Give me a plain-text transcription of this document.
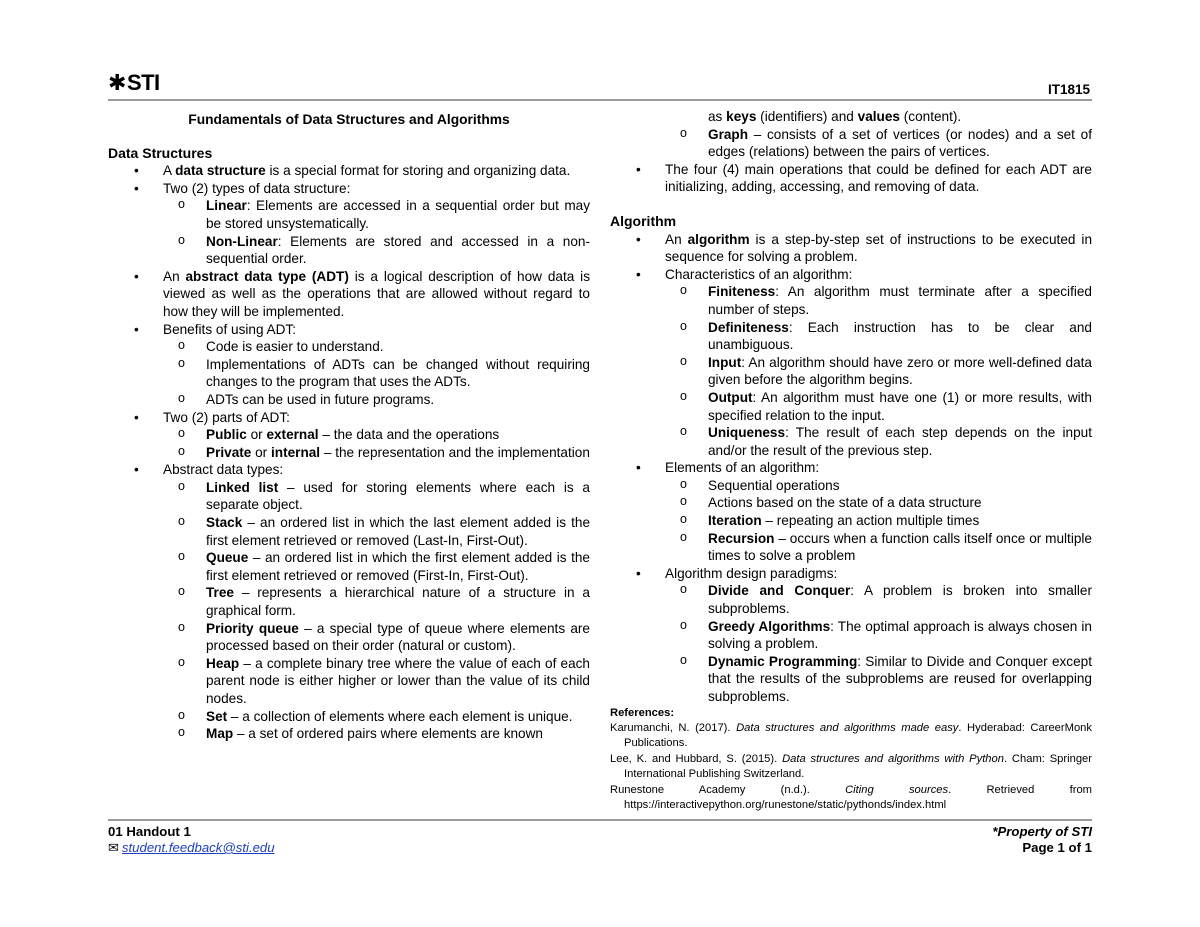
✱STI	IT1815
Fundamentals of Data Structures and Algorithms
Data Structures
• A data structure is a special format for storing and organizing data.
• Two (2) types of data structure:
o Linear: Elements are accessed in a sequential order but may be stored unsystematically.
o Non-Linear: Elements are stored and accessed in a non-sequential order.
• An abstract data type (ADT) is a logical description of how data is viewed as well as the operations that are allowed without regard to how they will be implemented.
• Benefits of using ADT:
o Code is easier to understand.
o Implementations of ADTs can be changed without requiring changes to the program that uses the ADTs.
o ADTs can be used in future programs.
• Two (2) parts of ADT:
o Public or external – the data and the operations
o Private or internal – the representation and the implementation
• Abstract data types:
o Linked list – used for storing elements where each is a separate object.
o Stack – an ordered list in which the last element added is the first element retrieved or removed (Last-In, First-Out).
o Queue – an ordered list in which the first element added is the first element retrieved or removed (First-In, First-Out).
o Tree – represents a hierarchical nature of a structure in a graphical form.
o Priority queue – a special type of queue where elements are processed based on their order (natural or custom).
o Heap – a complete binary tree where the value of each of each parent node is either higher or lower than the value of its child nodes.
o Set – a collection of elements where each element is unique.
o Map – a set of ordered pairs where elements are known
as keys (identifiers) and values (content).
o Graph – consists of a set of vertices (or nodes) and a set of edges (relations) between the pairs of vertices.
• The four (4) main operations that could be defined for each ADT are initializing, adding, accessing, and removing of data.
Algorithm
• An algorithm is a step-by-step set of instructions to be executed in sequence for solving a problem.
• Characteristics of an algorithm:
o Finiteness: An algorithm must terminate after a specified number of steps.
o Definiteness: Each instruction has to be clear and unambiguous.
o Input: An algorithm should have zero or more well-defined data given before the algorithm begins.
o Output: An algorithm must have one (1) or more results, with specified relation to the input.
o Uniqueness: The result of each step depends on the input and/or the result of the previous step.
• Elements of an algorithm:
o Sequential operations
o Actions based on the state of a data structure
o Iteration – repeating an action multiple times
o Recursion – occurs when a function calls itself once or multiple times to solve a problem
• Algorithm design paradigms:
o Divide and Conquer: A problem is broken into smaller subproblems.
o Greedy Algorithms: The optimal approach is always chosen in solving a problem.
o Dynamic Programming: Similar to Divide and Conquer except that the results of the subproblems are reused for overlapping subproblems.
References:
Karumanchi, N. (2017). Data structures and algorithms made easy. Hyderabad: CareerMonk Publications.
Lee, K. and Hubbard, S. (2015). Data structures and algorithms with Python. Cham: Springer International Publishing Switzerland.
Runestone Academy (n.d.). Citing sources. Retrieved from https://interactivepython.org/runestone/static/pythonds/index.html
01 Handout 1
✉ student.feedback@sti.edu
*Property of STI
Page 1 of 1
